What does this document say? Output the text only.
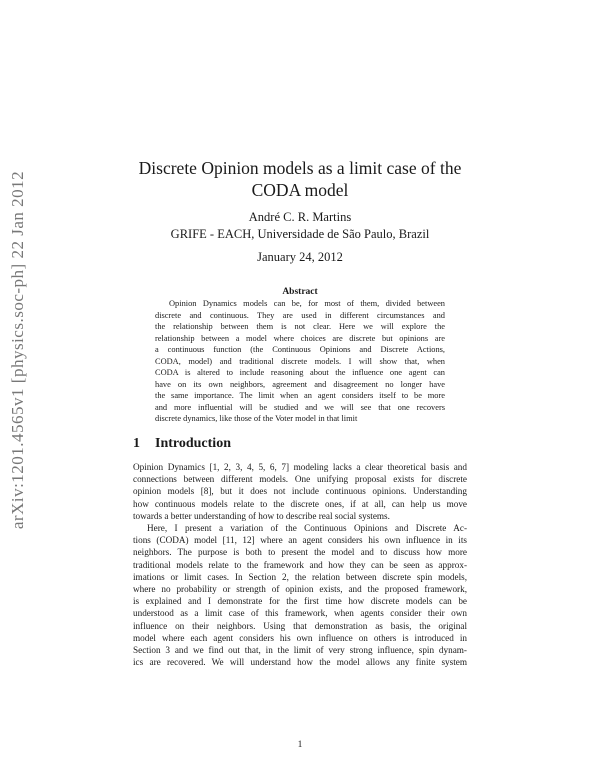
arXiv:1201.4565v1 [physics.soc-ph] 22 Jan 2012
Discrete Opinion models as a limit case of the
CODA model
André C. R. Martins
GRIFE - EACH, Universidade de São Paulo, Brazil
January 24, 2012
Abstract
Opinion Dynamics models can be, for most of them, divided between
discrete and continuous. They are used in different circumstances and
the relationship between them is not clear. Here we will explore the
relationship between a model where choices are discrete but opinions are
a continuous function (the Continuous Opinions and Discrete Actions,
CODA, model) and traditional discrete models. I will show that, when
CODA is altered to include reasoning about the influence one agent can
have on its own neighbors, agreement and disagreement no longer have
the same importance. The limit when an agent considers itself to be more
and more influential will be studied and we will see that one recovers
discrete dynamics, like those of the Voter model in that limit
1 Introduction
Opinion Dynamics [1, 2, 3, 4, 5, 6, 7] modeling lacks a clear theoretical basis and
connections between different models. One unifying proposal exists for discrete
opinion models [8], but it does not include continuous opinions. Understanding
how continuous models relate to the discrete ones, if at all, can help us move
towards a better understanding of how to describe real social systems.
Here, I present a variation of the Continuous Opinions and Discrete Ac-
tions (CODA) model [11, 12] where an agent considers his own influence in its
neighbors. The purpose is both to present the model and to discuss how more
traditional models relate to the framework and how they can be seen as approx-
imations or limit cases. In Section 2, the relation between discrete spin models,
where no probability or strength of opinion exists, and the proposed framework,
is explained and I demonstrate for the first time how discrete models can be
understood as a limit case of this framework, when agents consider their own
influence on their neighbors. Using that demonstration as basis, the original
model where each agent considers his own influence on others is introduced in
Section 3 and we find out that, in the limit of very strong influence, spin dynam-
ics are recovered. We will understand how the model allows any finite system
1
